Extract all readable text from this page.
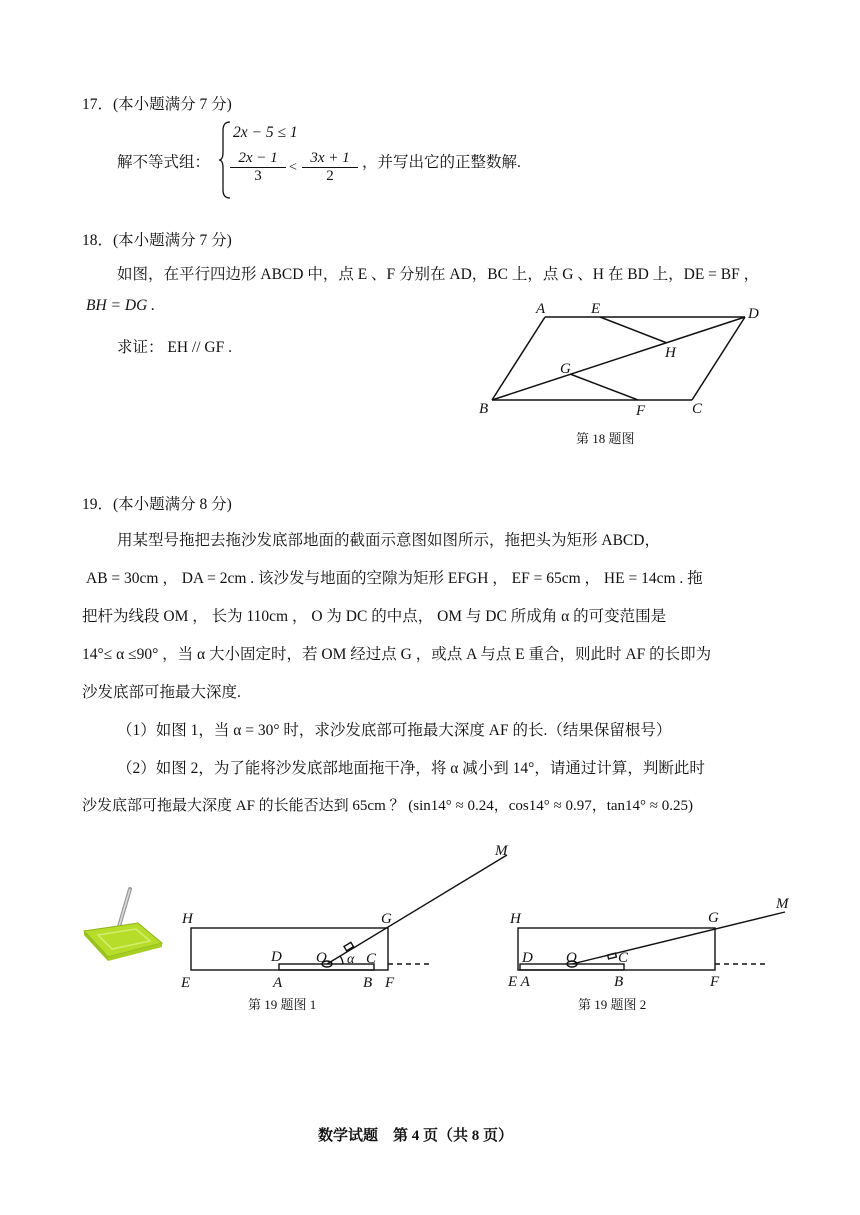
17．(本小题满分 7 分)
解不等式组：
2x − 5 ≤ 1
$\frac{2x - 1}{3} < \frac{3x + 1}{2}$ ，并写出它的正整数解.
18．(本小题满分 7 分)
如图，在平行四边形 ABCD 中，点 E 、F 分别在 AD，BC 上，点 G 、H 在 BD 上，DE = BF ，
BH = DG .
求证： EH // GF .
A	E	D
H
G
B	F	C
第 18 题图
19．(本小题满分 8 分)
用某型号拖把去拖沙发底部地面的截面示意图如图所示，拖把头为矩形 ABCD，
AB = 30cm ， DA = 2cm . 该沙发与地面的空隙为矩形 EFGH ， EF = 65cm ， HE = 14cm . 拖
把杆为线段 OM ， 长为 110cm ， O 为 DC 的中点， OM 与 DC 所成角 α 的可变范围是
14°≤ α ≤90° ，当 α 大小固定时，若 OM 经过点 G ，或点 A 与点 E 重合，则此时 AF 的长即为
沙发底部可拖最大深度.
（1）如图 1，当 α = 30° 时，求沙发底部可拖最大深度 AF 的长.（结果保留根号）
（2）如图 2，为了能将沙发底部地面拖干净，将 α 减小到 14°，请通过计算，判断此时
沙发底部可拖最大深度 AF 的长能否达到 65cm ？ (sin14° ≈ 0.24，cos14° ≈ 0.97，tan14° ≈ 0.25)
H	G
E
D O α C
A	B F
M
第 19 题图 1
H	G
M
D O	C
E A	B	F
第 19 题图 2
数学试题　第 4 页（共 8 页）
